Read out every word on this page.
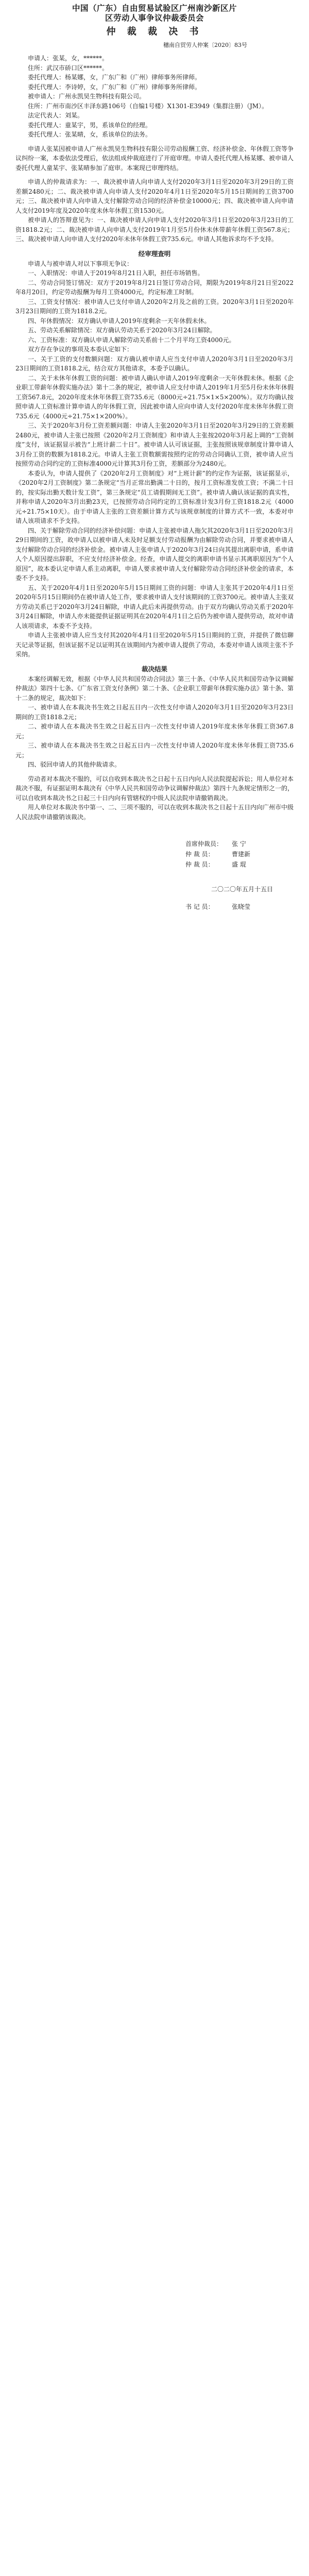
中国（广东）自由贸易试验区广州南沙新区片
区劳动人事争议仲裁委员会
仲 裁 裁 决 书
穗南自贸劳人仲案〔2020〕83号

申请人：张某，女，******。

住所：武汉市硚口区******。

委托代理人：杨某娜，女，广东广和（广州）律师事务所律师。

委托代理人：李诗婷，女，广东广和（广州）律师事务所律师。

被申请人：广州永凯昊生物科技有限公司。

住所：广州市南沙区丰泽东路106号（自编1号楼）X1301-E3949（集群注册）（JM）。

法定代表人：刘某。

委托代理人：童某宇，男，系该单位的经理。

委托代理人：张某晴，女，系该单位的法务。

申请人张某因被申请人广州永凯昊生物科技有限公司劳动报酬工资、经济补偿金、年休假工资等争议纠纷一案，本委依法受理后，依法组成仲裁庭进行了开庭审理。申请人委托代理人杨某娜、被申请人委托代理人童某宇、张某晴参加了庭审。本案现已审理终结。

申请人的仲裁请求为：一、裁决被申请人向申请人支付2020年3月1日至2020年3月29日的工资差额2480元；二、裁决被申请人向申请人支付2020年4月1日至2020年5月15日期间的工资3700元；三、裁决被申请人向申请人支付解除劳动合同的经济补偿金10000元；四、裁决被申请人向申请人支付2019年度及2020年度未休年休假工资1530元。

被申请人的答辩意见为：一、裁决被申请人向申请人支付2020年3月1日至2020年3月23日的工资1818.2元；二、裁决被申请人向申请人支付2019年1月至5月份休未休带薪年休假工资567.8元；三、裁决被申请人向申请人支付2020年未休年休假工资735.6元。申请人其他诉求均不予支持。

经审理查明

申请人与被申请人对以下事项无争议：

一、入职情况：申请人于2019年8月21日入职，担任市场销售。

二、劳动合同签订情况：双方于2019年8月21日签订劳动合同，期限为2019年8月21日至2022年8月20日，约定劳动报酬为每月工资4000元，约定标准工时制。

三、工资支付情况：被申请人已支付申请人2020年2月及之前的工资。2020年3月1日至2020年3月23日期间的工资为1818.2元。

四、年休假情况：双方确认申请人2019年度剩余一天年休假未休。

五、劳动关系解除情况：双方确认劳动关系于2020年3月24日解除。

六、工资标准：双方确认申请人解除劳动关系前十二个月平均工资4000元。

双方存在争议的事项及本委认定如下：

一、关于工资的支付数额问题：双方确认被申请人应当支付申请人2020年3月1日至2020年3月23日期间的工资1818.2元，结合双方其他请求，本委予以确认。

二、关于未休年休假工资的问题：被申请人确认申请人2019年度剩余一天年休假未休。根据《企业职工带薪年休假实施办法》第十二条的规定，被申请人应支付申请人2019年1月至5月份未休年休假工资567.8元，2020年度未休年休假工资735.6元（8000元÷21.75×1×5×200%）。双方均确认按照申请人工资标准计算申请人的年休假工资，因此被申请人应向申请人支付2020年度未休年休假工资735.6元（4000元÷21.75×1×200%）。

三、关于2020年3月份工资差额问题：申请人主张2020年3月1日至2020年3月29日的工资差额2480元，被申请人主张已按照《2020年2月工资制度》和申请人主张按2020年3月起上调的“工资制度”支付，该证据显示被告“上班计薪二十日”。被申请人认可该证据，主张按照该规章制度计算申请人3月份工资的数额为1818.2元。申请人主张工资数额需按照约定的劳动合同确认工资，被申请人应当按照劳动合同约定的工资标准4000元计算其3月份工资，差额部分为2480元。

本委认为，申请人提供了《2020年2月工资制度》对“上班计薪”的约定作为证据，该证据显示，《2020年2月工资制度》第二条规定“当月正常出勤满二十日的，按月工资标准发放工资；不满二十日的，按实际出勤天数计发工资”，第三条规定“员工请假期间无工资”。被申请人确认该证据的真实性，并称申请人2020年3月出勤23天，已按照劳动合同约定的工资标准计发3月份工资1818.2元（4000元÷21.75×10天）。由于申请人主张的工资差额计算方式与该规章制度的计算方式不一致，本委对申请人该项请求不予支持。

四、关于解除劳动合同的经济补偿问题：申请人主张被申请人拖欠其2020年3月1日至2020年3月29日期间的工资，故申请人以被申请人未及时足额支付劳动报酬为由解除劳动合同，并要求被申请人支付解除劳动合同的经济补偿金。被申请人主张申请人于2020年3月24日向其提出离职申请，系申请人个人原因提出辞职，不应支付经济补偿金。经查，申请人提交的离职申请书显示其离职原因为“个人原因”，故本委认定申请人系主动离职，申请人要求被申请人支付解除劳动合同经济补偿金的请求，本委不予支持。

五、关于2020年4月1日至2020年5月15日期间工资的问题：申请人主张其于2020年4月1日至2020年5月15日期间仍在被申请人处工作，要求被申请人支付该期间的工资3700元。被申请人主张双方劳动关系已于2020年3月24日解除，申请人此后未再提供劳动。由于双方均确认劳动关系于2020年3月24日解除，申请人亦未能提供证据证明其在2020年4月1日之后仍为被申请人提供劳动，故对申请人该项请求，本委不予支持。

申请人主张被申请人应当支付其2020年4月1日至2020年5月15日期间的工资，并提供了微信聊天记录等证据，但该证据不足以证明其在该期间内为被申请人提供了劳动，本委对申请人该项主张不予采纳。

裁决结果

本案经调解无效，根据《中华人民共和国劳动合同法》第三十条、《中华人民共和国劳动争议调解仲裁法》第四十七条、《广东省工资支付条例》第二十条、《企业职工带薪年休假实施办法》第十条、第十二条的规定，裁决如下：

一、被申请人在本裁决书生效之日起五日内一次性支付申请人2020年3月1日至2020年3月23日期间的工资1818.2元；

二、被申请人在本裁决书生效之日起五日内一次性支付申请人2019年度未休年休假工资367.8元；

三、被申请人在本裁决书生效之日起五日内一次性支付申请人2020年度未休年休假工资735.6元；

四、驳回申请人的其他仲裁请求。

劳动者对本裁决不服的，可以自收到本裁决书之日起十五日内向人民法院提起诉讼；用人单位对本裁决不服，有证据证明本裁决有《中华人民共和国劳动争议调解仲裁法》第四十九条规定情形之一的，可以自收到本裁决书之日起三十日内向有管辖权的中级人民法院申请撤销裁决。

用人单位对本裁决书中第一、二、三项不服的，可以在收到本裁决书之日起十五日内向广州市中级人民法院申请撤销该裁决。

首席仲裁员： 张 宁
仲 裁 员：	曹建新
仲 裁 员：	盛 琨
二〇二〇年五月十五日
书 记 员：	张晓莹
